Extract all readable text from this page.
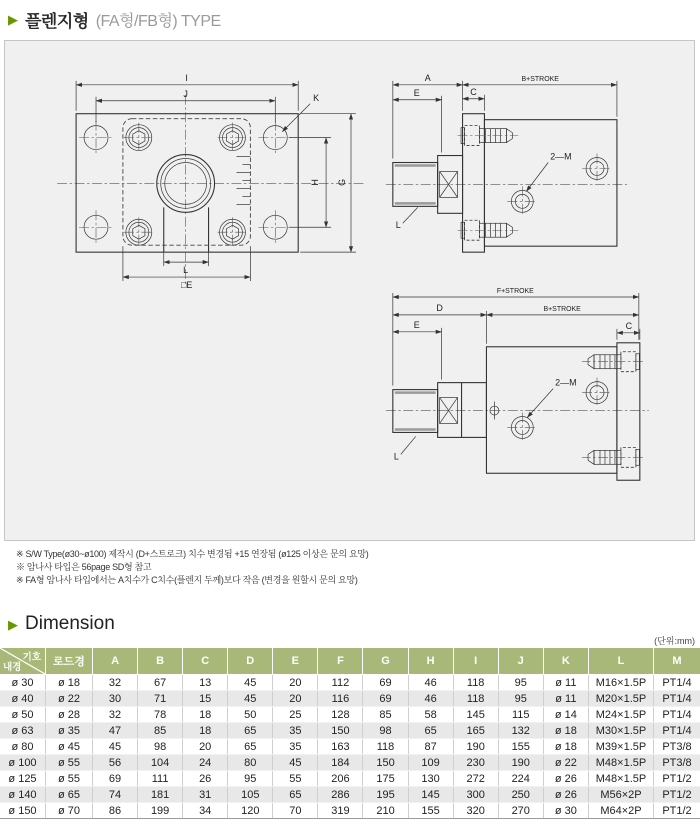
▶ 플렌지형 (FA형/FB형) TYPE
I
J	K
H G
L
□E
2—M
L
A	B+STROKE
E	C
2—M
L
F+STROKE
D	B+STROKE
E	C
※ S/W Type(ø30~ø100) 제작시 (D+스트로크) 치수 변경됨 +15 연장됨 (ø125 이상은 문의 요망)
※ 암나사 타입은 56page SD형 참고
※ FA형 암나사 타입에서는 A치수가 C치수(플렌지 두께)보다 작음 (변경을 원할시 문의 요망)
▶ Dimension
(단위:mm)
기호
내경	로드경	A	B	C	D	E	F	G	H	I	J	K	L	M
ø 30	ø 18	32	67	13	45	20	112	69	46	118	95	ø 11	M16×1.5P	PT1/4
ø 40	ø 22	30	71	15	45	20	116	69	46	118	95	ø 11	M20×1.5P	PT1/4
ø 50	ø 28	32	78	18	50	25	128	85	58	145	115	ø 14	M24×1.5P	PT1/4
ø 63	ø 35	47	85	18	65	35	150	98	65	165	132	ø 18	M30×1.5P	PT1/4
ø 80	ø 45	45	98	20	65	35	163	118	87	190	155	ø 18	M39×1.5P	PT3/8
ø 100	ø 55	56	104	24	80	45	184	150	109	230	190	ø 22	M48×1.5P	PT3/8
ø 125	ø 55	69	111	26	95	55	206	175	130	272	224	ø 26	M48×1.5P	PT1/2
ø 140	ø 65	74	181	31	105	65	286	195	145	300	250	ø 26	M56×2P	PT1/2
ø 150	ø 70	86	199	34	120	70	319	210	155	320	270	ø 30	M64×2P	PT1/2
